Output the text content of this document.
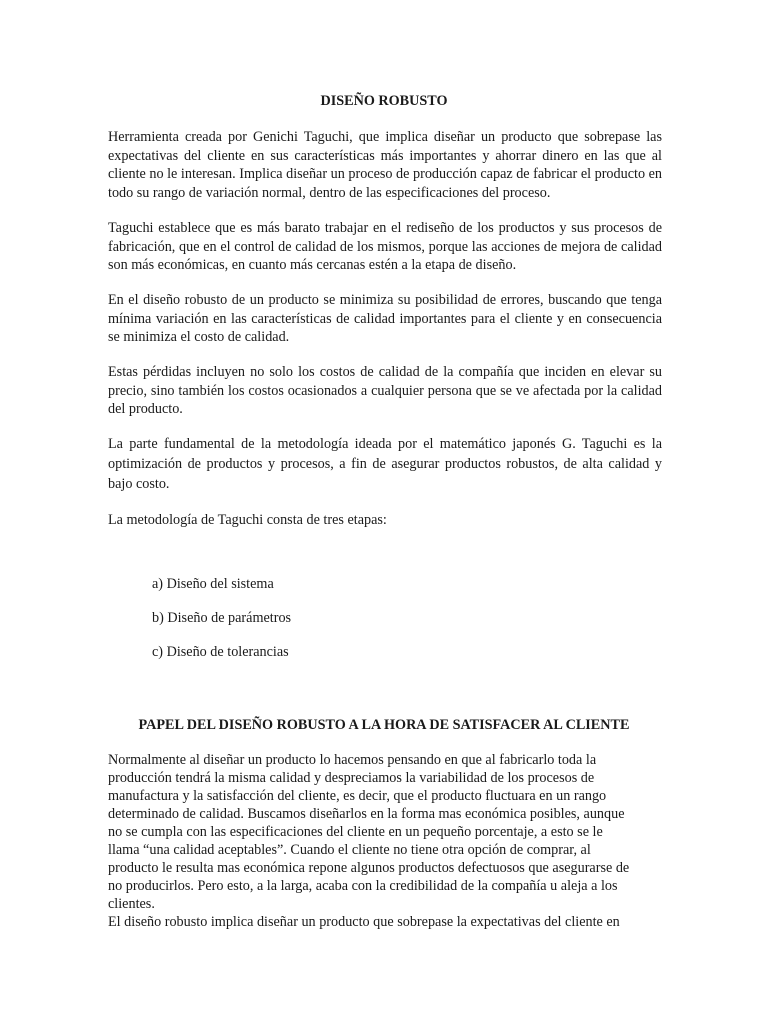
DISEÑO ROBUSTO

Herramienta creada por Genichi Taguchi, que implica diseñar un producto que sobrepase las expectativas del cliente en sus características más importantes y ahorrar dinero en las que al cliente no le interesan. Implica diseñar un proceso de producción capaz de fabricar el producto en todo su rango de variación normal, dentro de las especificaciones del proceso.

Taguchi establece que es más barato trabajar en el rediseño de los productos y sus procesos de fabricación, que en el control de calidad de los mismos, porque las acciones de mejora de calidad son más económicas, en cuanto más cercanas estén a la etapa de diseño.

En el diseño robusto de un producto se minimiza su posibilidad de errores, buscando que tenga mínima variación en las características de calidad importantes para el cliente y en consecuencia se minimiza el costo de calidad.

Estas pérdidas incluyen no solo los costos de calidad de la compañía que inciden en elevar su precio, sino también los costos ocasionados a cualquier persona que se ve afectada por la calidad del producto.

La parte fundamental de la metodología ideada por el matemático japonés G. Taguchi es la optimización de productos y procesos, a fin de asegurar productos robustos, de alta calidad y bajo costo.

La metodología de Taguchi consta de tres etapas:

a) Diseño del sistema

b) Diseño de parámetros

c) Diseño de tolerancias

PAPEL DEL DISEÑO ROBUSTO A LA HORA DE SATISFACER AL CLIENTE

Normalmente al diseñar un producto lo hacemos pensando en que al fabricarlo toda la

producción tendrá la misma calidad y despreciamos la variabilidad de los procesos de

manufactura y la satisfacción del cliente, es decir, que el producto fluctuara en un rango

determinado de calidad. Buscamos diseñarlos en la forma mas económica posibles, aunque

no se cumpla con las especificaciones del cliente en un pequeño porcentaje, a esto se le

llama “una calidad aceptables”. Cuando el cliente no tiene otra opción de comprar, al

producto le resulta mas económica repone algunos productos defectuosos que asegurarse de

no producirlos. Pero esto, a la larga, acaba con la credibilidad de la compañía u aleja a los

clientes.

El diseño robusto implica diseñar un producto que sobrepase la expectativas del cliente en
